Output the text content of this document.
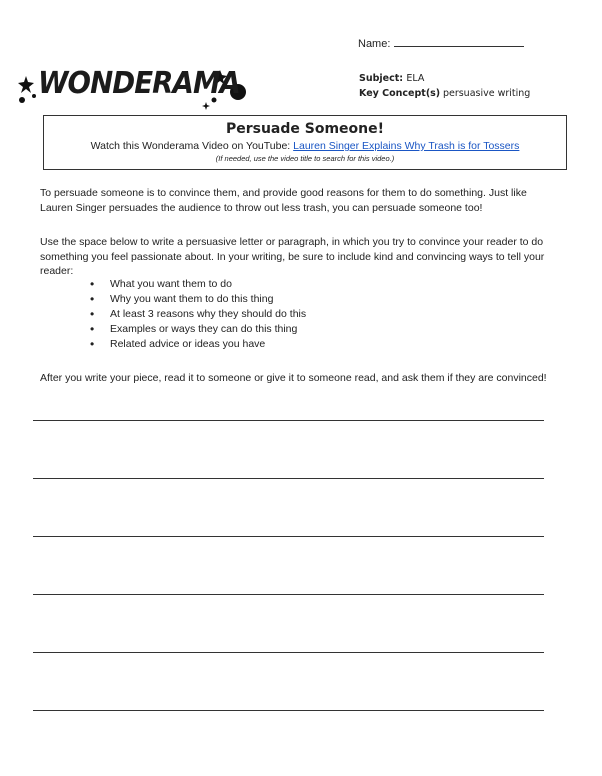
Name:
WONDERAMA	Subject: ELA
Key Concept(s) persuasive writing
Persuade Someone!
Watch this Wonderama Video on YouTube: Lauren Singer Explains Why Trash is for Tossers
(If needed, use the video title to search for this video.)
To persuade someone is to convince them, and provide good reasons for them to do something. Just like Lauren Singer persuades the audience to throw out less trash, you can persuade someone too!
Use the space below to write a persuasive letter or paragraph, in which you try to convince your reader to do something you feel passionate about. In your writing, be sure to include kind and convincing ways to tell your reader:
• What you want them to do
• Why you want them to do this thing
• At least 3 reasons why they should do this
• Examples or ways they can do this thing
• Related advice or ideas you have
After you write your piece, read it to someone or give it to someone read, and ask them if they are convinced!
